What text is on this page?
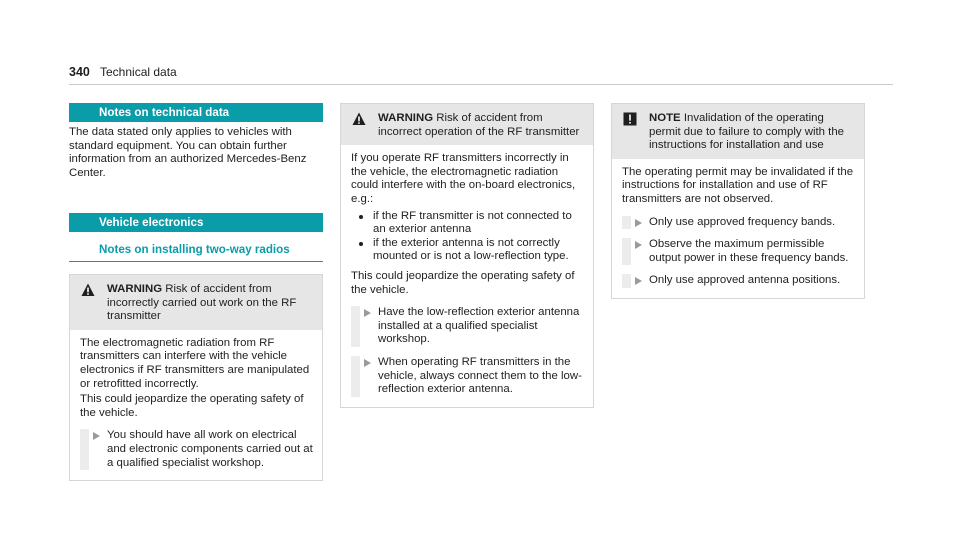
340 Technical data
Notes on technical data

The data stated only applies to vehicles with standard equipment. You can obtain further information from an authorized Mercedes-Benz Center.

Vehicle electronics
Notes on installing two-way radios
WARNING Risk of accident from incorrectly carried out work on the RF transmitter
The electromagnetic radiation from RF transmitters can interfere with the vehicle electronics if RF transmitters are manipulated or retrofitted incorrectly.
This could jeopardize the operating safety of the vehicle.
You should have all work on electrical and electronic components carried out at a qualified specialist workshop.
WARNING Risk of accident from incorrect operation of the RF transmitter
If you operate RF transmitters incorrectly in the vehicle, the electromagnetic radiation could interfere with the on-board electronics, e.g.:
if the RF transmitter is not connected to an exterior antenna
if the exterior antenna is not correctly mounted or is not a low-reflection type.
This could jeopardize the operating safety of the vehicle.
Have the low-reflection exterior antenna installed at a qualified specialist workshop.
When operating RF transmitters in the vehicle, always connect them to the low-reflection exterior antenna.
NOTE Invalidation of the operating permit due to failure to comply with the instructions for installation and use
The operating permit may be invalidated if the instructions for installation and use of RF transmitters are not observed.
Only use approved frequency bands.
Observe the maximum permissible output power in these frequency bands.
Only use approved antenna positions.
